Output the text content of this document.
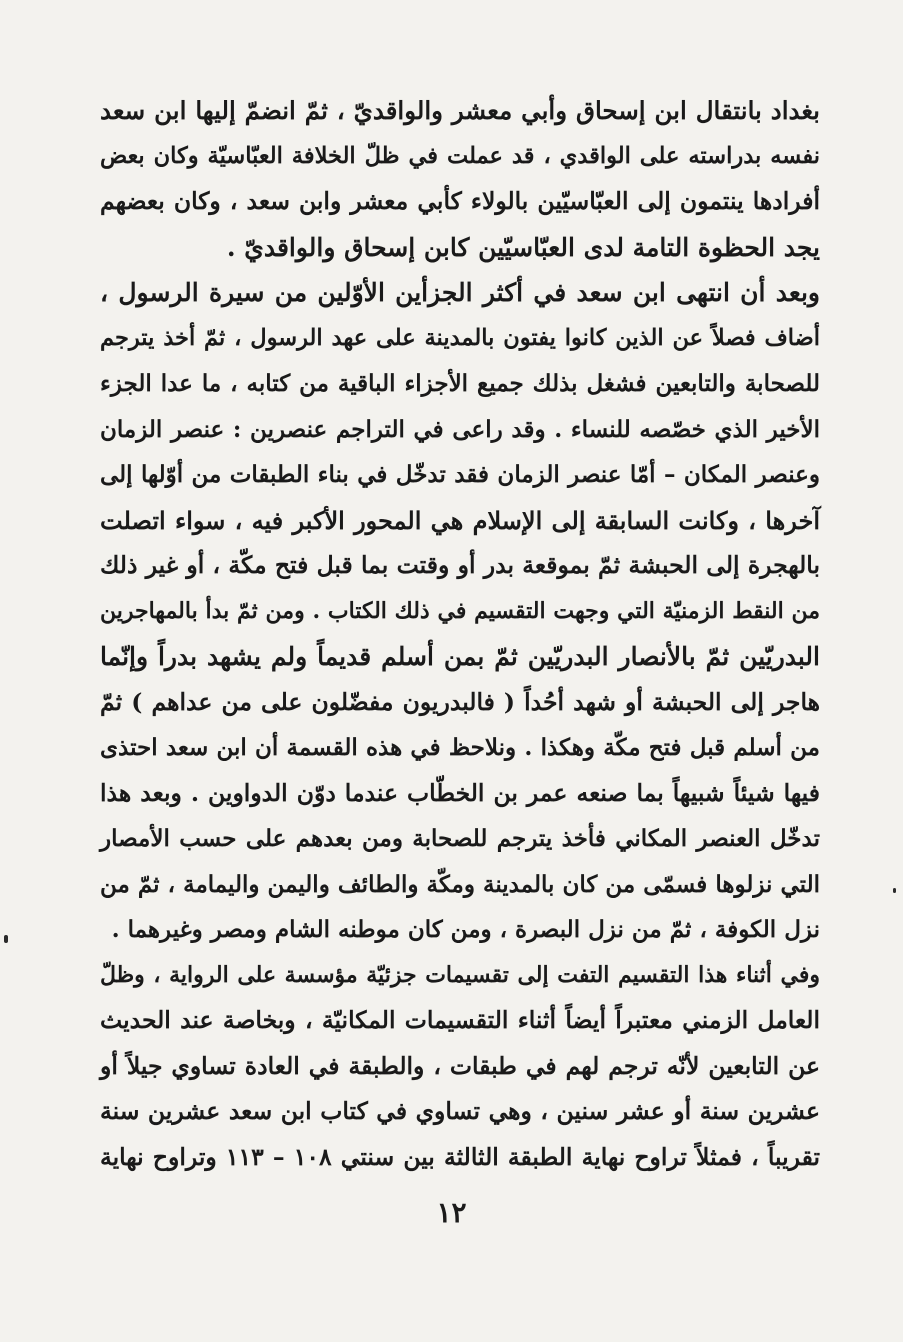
بغداد بانتقال ابن إسحاق وأبي معشر والواقديّ ، ثمّ انضمّ إليها ابن سعد
نفسه بدراسته على الواقدي ، قد عملت في ظلّ الخلافة العبّاسيّة وكان بعض
أفرادها ينتمون إلى العبّاسيّين بالولاء كأبي معشر وابن سعد ، وكان بعضهم
يجد الحظوة التامة لدى العبّاسيّين كابن إسحاق والواقديّ .
وبعد أن انتهى ابن سعد في أكثر الجزأين الأوّلين من سيرة الرسول ،
أضاف فصلاً عن الذين كانوا يفتون بالمدينة على عهد الرسول ، ثمّ أخذ يترجم
للصحابة والتابعين فشغل بذلك جميع الأجزاء الباقية من كتابه ، ما عدا الجزء
الأخير الذي خصّصه للنساء . وقد راعى في التراجم عنصرين : عنصر الزمان
وعنصر المكان – أمّا عنصر الزمان فقد تدخّل في بناء الطبقات من أوّلها إلى
آخرها ، وكانت السابقة إلى الإسلام هي المحور الأكبر فيه ، سواء اتصلت
بالهجرة إلى الحبشة ثمّ بموقعة بدر أو وقتت بما قبل فتح مكّة ، أو غير ذلك
من النقط الزمنيّة التي وجهت التقسيم في ذلك الكتاب . ومن ثمّ بدأ بالمهاجرين
البدريّين ثمّ بالأنصار البدريّين ثمّ بمن أسلم قديماً ولم يشهد بدراً وإنّما
هاجر إلى الحبشة أو شهد أحُداً ( فالبدريون مفضّلون على من عداهم ) ثمّ
من أسلم قبل فتح مكّة وهكذا . ونلاحظ في هذه القسمة أن ابن سعد احتذى
فيها شيئاً شبيهاً بما صنعه عمر بن الخطّاب عندما دوّن الدواوين . وبعد هذا
تدخّل العنصر المكاني فأخذ يترجم للصحابة ومن بعدهم على حسب الأمصار
التي نزلوها فسمّى من كان بالمدينة ومكّة والطائف واليمن واليمامة ، ثمّ من
نزل الكوفة ، ثمّ من نزل البصرة ، ومن كان موطنه الشام ومصر وغيرهما .
وفي أثناء هذا التقسيم التفت إلى تقسيمات جزئيّة مؤسسة على الرواية ، وظلّ
العامل الزمني معتبراً أيضاً أثناء التقسيمات المكانيّة ، وبخاصة عند الحديث
عن التابعين لأنّه ترجم لهم في طبقات ، والطبقة في العادة تساوي جيلاً أو
عشرين سنة أو عشر سنين ، وهي تساوي في كتاب ابن سعد عشرين سنة
تقريباً ، فمثلاً تراوح نهاية الطبقة الثالثة بين سنتي ١٠٨ – ١١٣ وتراوح نهاية
١٢
